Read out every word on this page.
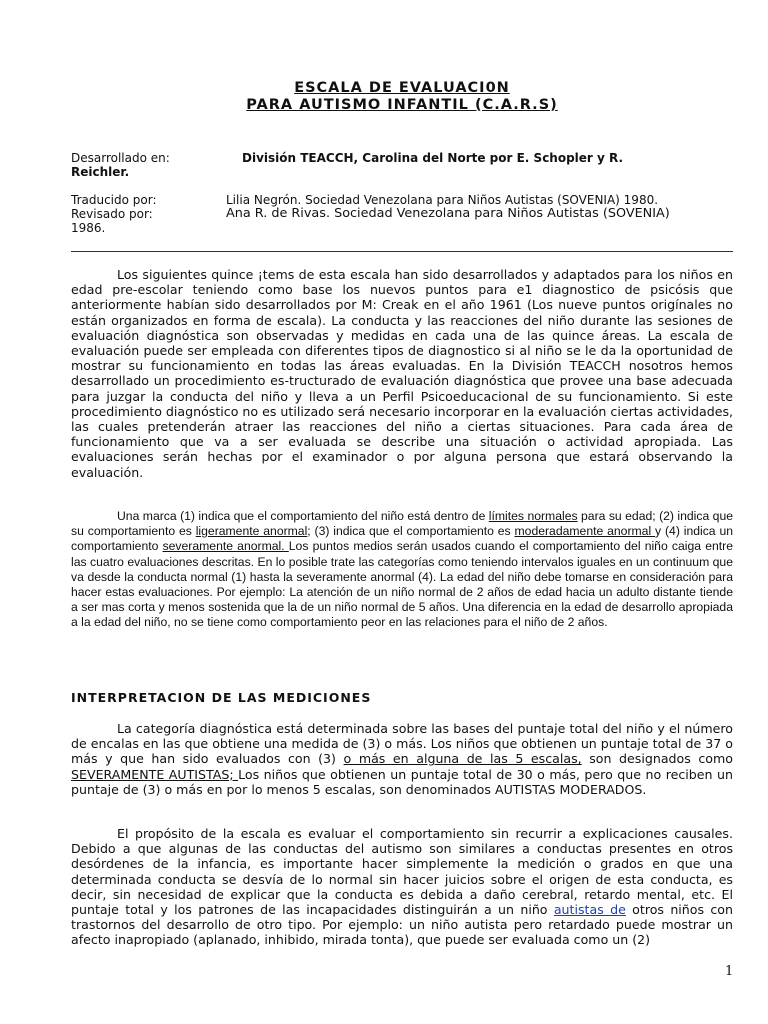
ESCALA DE EVALUACI0N
PARA AUTISMO INFANTIL (C.A.R.S)
Desarrollado en:	División TEACCH, Carolina del Norte por E. Schopler y R.
Reichler.
Traducido por:	Lilia Negrón. Sociedad Venezolana para Niños Autistas (SOVENIA) 1980.
Revisado por:	Ana R. de Rivas. Sociedad Venezolana para Niños Autistas (SOVENIA)
1986.

Los siguientes quince ¡tems de esta escala han sido desarrollados y adaptados para los niños en edad pre-escolar teniendo como base los nuevos puntos para e1 diagnostico de psicósis que anteriormente habían sido desarrollados por M: Creak en el año 1961 (Los nueve puntos origínales no están organizados en forma de escala). La conducta y las reacciones del niño durante las sesiones de evaluación diagnóstica son observadas y medidas en cada una de las quince áreas. La escala de evaluación puede ser empleada con diferentes tipos de diagnostico si al niño se le da la oportunidad de mostrar su funcionamiento en todas las áreas evaluadas. En la División TEACCH nosotros hemos desarrollado un procedimiento es-tructurado de evaluación diagnóstica que provee una base adecuada para juzgar la conducta del niño y lleva a un Perfil Psicoeducacional de su funcionamiento. Si este procedimiento diagnóstico no es utilizado será necesario incorporar en la evaluación ciertas actividades, las cuales pretenderán atraer las reacciones del niño a ciertas situaciones. Para cada área de funcionamiento que va a ser evaluada se describe una situación o actividad apropiada. Las evaluaciones serán hechas por el examinador o por alguna persona que estará observando la evaluación.

Una marca (1) indica que el comportamiento del niño está dentro de límites normales para su edad; (2) indica que su comportamiento es ligeramente anormal; (3) indica que el comportamiento es moderadamente anormal y (4) indica un comportamiento severamente anormal. Los puntos medios serán usados cuando el comportamiento del niño caiga entre las cuatro evaluaciones descritas. En lo posible trate las categorías como teniendo intervalos iguales en un continuum que va desde la conducta normal (1) hasta la severamente anormal (4). La edad del niño debe tomarse en consideración para hacer estas evaluaciones. Por ejemplo: La atención de un niño normal de 2 años de edad hacia un adulto distante tiende a ser mas corta y menos sostenida que la de un niño normal de 5 años. Una diferencia en la edad de desarrollo apropiada a la edad del niño, no se tiene como comportamiento peor en las relaciones para el niño de 2 años.

INTERPRETACION DE LAS MEDICIONES

La categoría diagnóstica está determinada sobre las bases del puntaje total del niño y el número de encalas en las que obtiene una medida de (3) o más. Los niños que obtienen un puntaje total de 37 o más y que han sido evaluados con (3) o más en alguna de las 5 escalas, son designados como SEVERAMENTE AUTISTAS; Los niños que obtienen un puntaje total de 30 o más, pero que no reciben un puntaje de (3) o más en por lo menos 5 escalas, son denominados AUTISTAS MODERADOS.

El propósito de la escala es evaluar el comportamiento sin recurrir a explicaciones causales. Debido a que algunas de las conductas del autismo son similares a conductas presentes en otros desórdenes de la infancia, es importante hacer simplemente la medición o grados en que una determinada conducta se desvía de lo normal sin hacer juicios sobre el origen de esta conducta, es decir, sin necesidad de explicar que la conducta es debida a daño cerebral, retardo mental, etc. El puntaje total y los patrones de las incapacidades distinguirán a un niño autistas de otros niños con trastornos del desarrollo de otro tipo. Por ejemplo: un niño autista pero retardado puede mostrar un afecto inapropiado (aplanado, inhibido, mirada tonta), que puede ser evaluada como un (2)

1
